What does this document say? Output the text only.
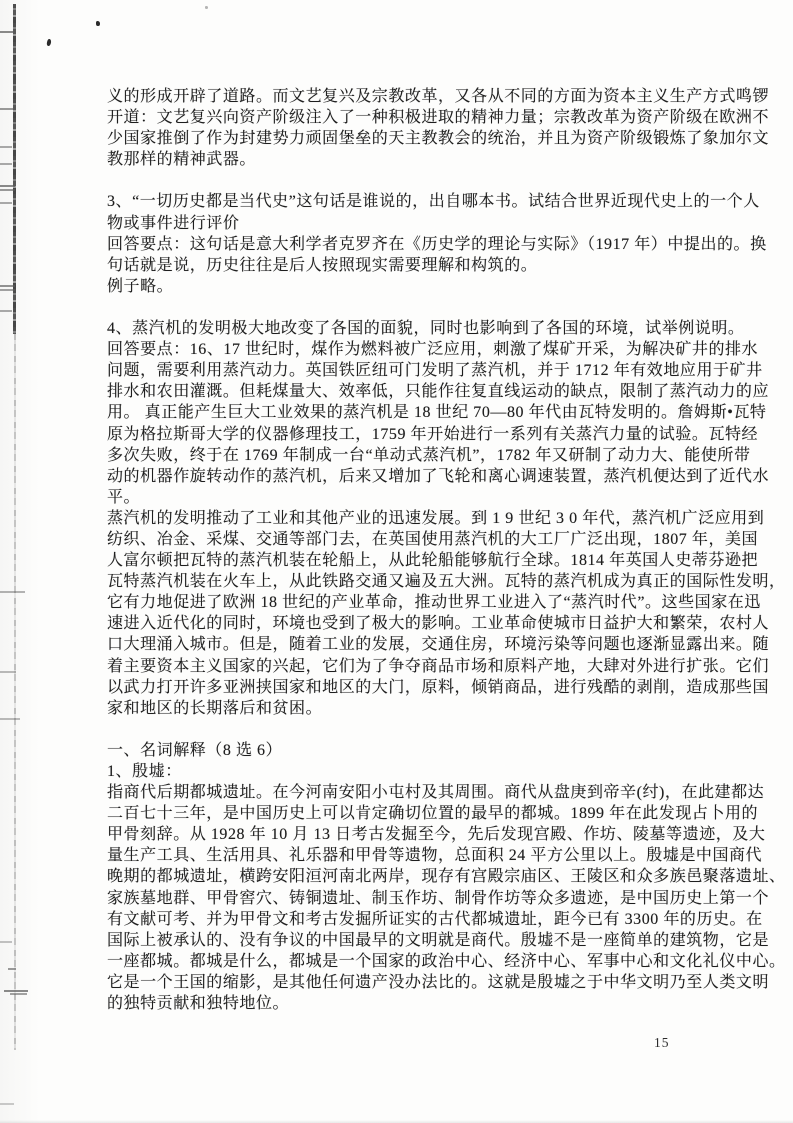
义的形成开辟了道路。而文艺复兴及宗教改革，又各从不同的方面为资本主义生产方式鸣锣
开道：文艺复兴向资产阶级注入了一种积极进取的精神力量；宗教改革为资产阶级在欧洲不
少国家推倒了作为封建势力顽固堡垒的天主教教会的统治，并且为资产阶级锻炼了象加尔文
教那样的精神武器。
3、“一切历史都是当代史”这句话是谁说的，出自哪本书。试结合世界近现代史上的一个人
物或事件进行评价
回答要点：这句话是意大利学者克罗齐在《历史学的理论与实际》（1917 年）中提出的。换
句话就是说，历史往往是后人按照现实需要理解和构筑的。
例子略。
4、蒸汽机的发明极大地改变了各国的面貌，同时也影响到了各国的环境，试举例说明。
回答要点：16、17 世纪时，煤作为燃料被广泛应用，刺激了煤矿开采，为解决矿井的排水
问题，需要利用蒸汽动力。英国铁匠纽可门发明了蒸汽机，并于 1712 年有效地应用于矿井
排水和农田灌溉。但耗煤量大、效率低，只能作往复直线运动的缺点，限制了蒸汽动力的应
用。 真正能产生巨大工业效果的蒸汽机是 18 世纪 70—80 年代由瓦特发明的。詹姆斯•瓦特
原为格拉斯哥大学的仪器修理技工，1759 年开始进行一系列有关蒸汽力量的试验。瓦特经
多次失败，终于在 1769 年制成一台“单动式蒸汽机”，1782 年又研制了动力大、能使所带
动的机器作旋转动作的蒸汽机，后来又增加了飞轮和离心调速装置，蒸汽机便达到了近代水
平。
蒸汽机的发明推动了工业和其他产业的迅速发展。到 1 9 世纪 3 0 年代，蒸汽机广泛应用到
纺织、冶金、采煤、交通等部门去，在英国使用蒸汽机的大工厂广泛出现，1807 年，美国
人富尔顿把瓦特的蒸汽机装在轮船上，从此轮船能够航行全球。1814 年英国人史蒂芬逊把
瓦特蒸汽机装在火车上，从此铁路交通又遍及五大洲。瓦特的蒸汽机成为真正的国际性发明，
它有力地促进了欧洲 18 世纪的产业革命，推动世界工业进入了“蒸汽时代”。这些国家在迅
速进入近代化的同时，环境也受到了极大的影响。工业革命使城市日益护大和繁荣，农村人
口大理涌入城市。但是，随着工业的发展，交通住房，环境污染等问题也逐渐显露出来。随
着主要资本主义国家的兴起，它们为了争夺商品市场和原料产地，大肆对外进行扩张。它们
以武力打开许多亚洲挟国家和地区的大门，原料，倾销商品，进行残酷的剥削，造成那些国
家和地区的长期落后和贫困。
一、名词解释（8 选 6）
1、殷墟：
指商代后期都城遗址。在今河南安阳小屯村及其周围。商代从盘庚到帝辛(纣)，在此建都达
二百七十三年，是中国历史上可以肯定确切位置的最早的都城。1899 年在此发现占卜用的
甲骨刻辞。从 1928 年 10 月 13 日考古发掘至今，先后发现宫殿、作坊、陵墓等遗迹，及大
量生产工具、生活用具、礼乐器和甲骨等遗物，总面积 24 平方公里以上。殷墟是中国商代
晚期的都城遗址，横跨安阳洹河南北两岸，现存有宫殿宗庙区、王陵区和众多族邑聚落遗址、
家族墓地群、甲骨窖穴、铸铜遗址、制玉作坊、制骨作坊等众多遗迹，是中国历史上第一个
有文献可考、并为甲骨文和考古发掘所证实的古代都城遗址，距今已有 3300 年的历史。在
国际上被承认的、没有争议的中国最早的文明就是商代。殷墟不是一座简单的建筑物，它是
一座都城。都城是什么，都城是一个国家的政治中心、经济中心、军事中心和文化礼仪中心。
它是一个王国的缩影，是其他任何遗产没办法比的。这就是殷墟之于中华文明乃至人类文明
的独特贡献和独特地位。
15
